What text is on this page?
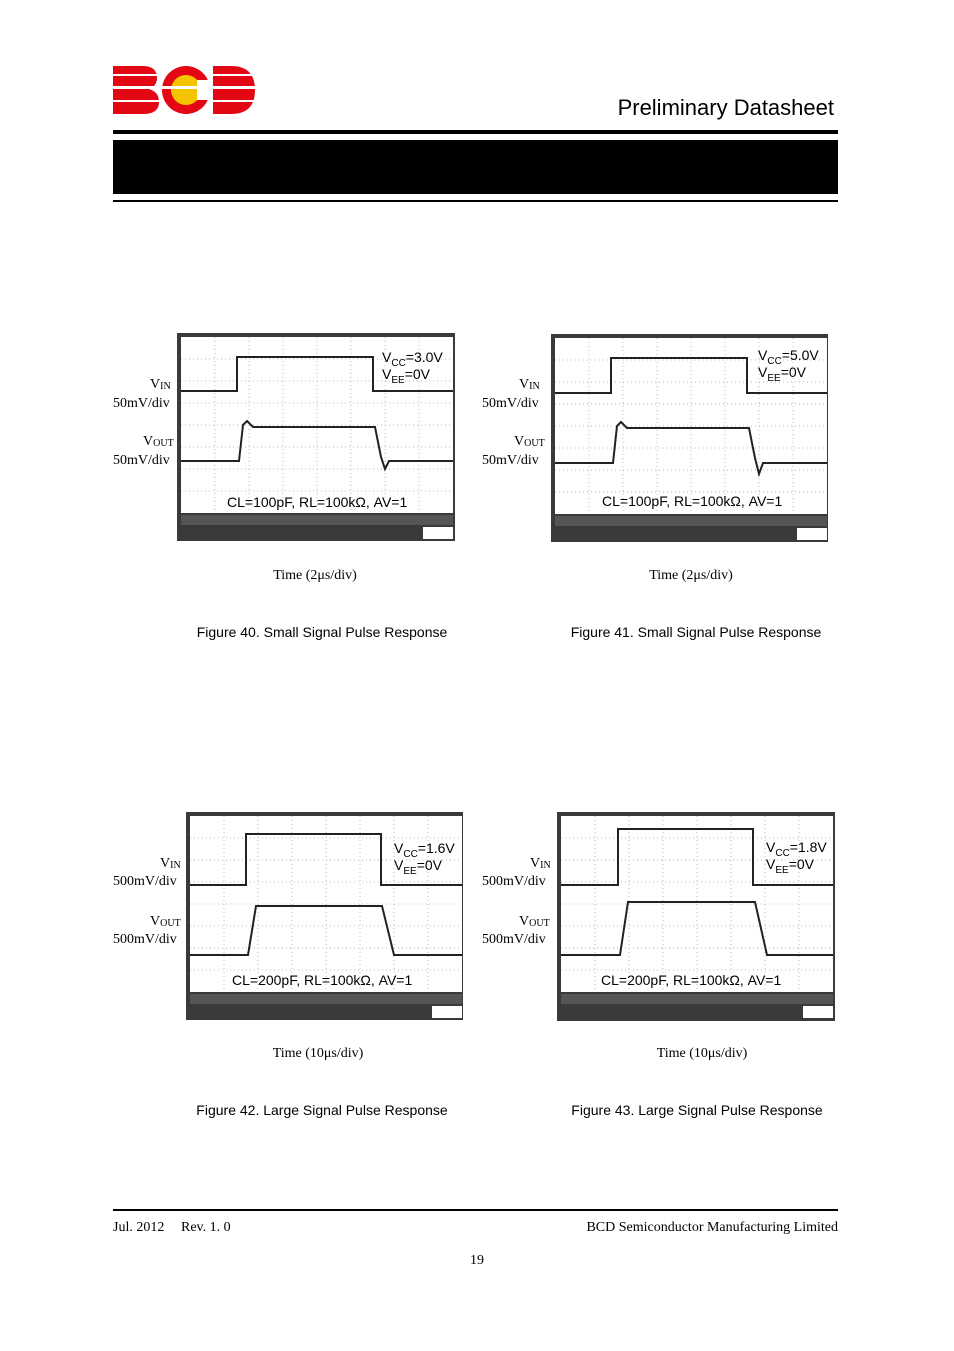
Preliminary Datasheet
$V_{IN}$
50mV/div
$V_{OUT}$
50mV/div
$V_{CC}=3.0V$
$V_{EE}=0V$
CL=100pF, RL=100kΩ, AV=1
Time (2μs/div)
Figure 40. Small Signal Pulse Response
$V_{IN}$
50mV/div
$V_{OUT}$
50mV/div
$V_{CC}=5.0V$
$V_{EE}=0V$
CL=100pF, RL=100kΩ, AV=1
Time (2μs/div)
Figure 41. Small Signal Pulse Response
$V_{IN}$
500mV/div
$V_{OUT}$
500mV/div
$V_{CC}=1.6V$
$V_{EE}=0V$
CL=200pF, RL=100kΩ, AV=1
Time (10μs/div)
Figure 42. Large Signal Pulse Response
$V_{IN}$
500mV/div
$V_{OUT}$
500mV/div
$V_{CC}=1.8V$
$V_{EE}=0V$
CL=200pF, RL=100kΩ, AV=1
Time (10μs/div)
Figure 43. Large Signal Pulse Response
Jul. 2012 Rev. 1. 0	BCD Semiconductor Manufacturing Limited
19
